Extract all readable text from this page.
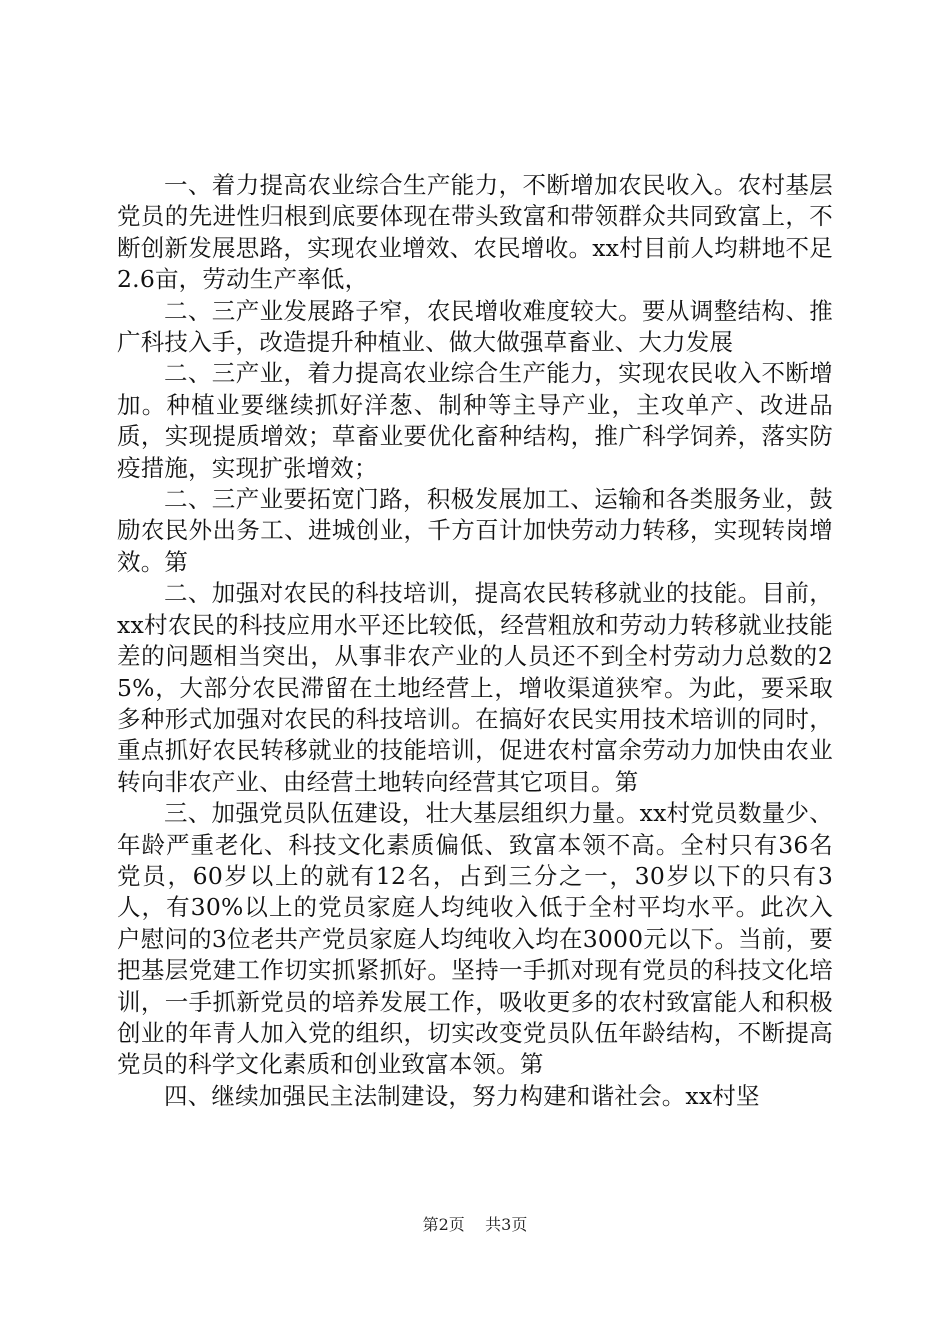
一、着力提高农业综合生产能力，不断增加农民收入。农村基层党员的先进性归根到底要体现在带头致富和带领群众共同致富上，不断创新发展思路，实现农业增效、农民增收。xx村目前人均耕地不足2.6亩，劳动生产率低，

二、三产业发展路子窄，农民增收难度较大。要从调整结构、推广科技入手，改造提升种植业、做大做强草畜业、大力发展

二、三产业，着力提高农业综合生产能力，实现农民收入不断增加。种植业要继续抓好洋葱、制种等主导产业，主攻单产、改进品质，实现提质增效；草畜业要优化畜种结构，推广科学饲养，落实防疫措施，实现扩张增效；

二、三产业要拓宽门路，积极发展加工、运输和各类服务业，鼓励农民外出务工、进城创业，千方百计加快劳动力转移，实现转岗增效。第

二、加强对农民的科技培训，提高农民转移就业的技能。目前，xx村农民的科技应用水平还比较低，经营粗放和劳动力转移就业技能差的问题相当突出，从事非农产业的人员还不到全村劳动力总数的25%，大部分农民滞留在土地经营上，增收渠道狭窄。为此，要采取多种形式加强对农民的科技培训。在搞好农民实用技术培训的同时，重点抓好农民转移就业的技能培训，促进农村富余劳动力加快由农业转向非农产业、由经营土地转向经营其它项目。第

三、加强党员队伍建设，壮大基层组织力量。xx村党员数量少、年龄严重老化、科技文化素质偏低、致富本领不高。全村只有36名党员，60岁以上的就有12名，占到三分之一，30岁以下的只有3人，有30%以上的党员家庭人均纯收入低于全村平均水平。此次入户慰问的3位老共产党员家庭人均纯收入均在3000元以下。当前，要把基层党建工作切实抓紧抓好。坚持一手抓对现有党员的科技文化培训，一手抓新党员的培养发展工作，吸收更多的农村致富能人和积极创业的年青人加入党的组织，切实改变党员队伍年龄结构，不断提高党员的科学文化素质和创业致富本领。第

四、继续加强民主法制建设，努力构建和谐社会。xx村坚

第2页 共3页
